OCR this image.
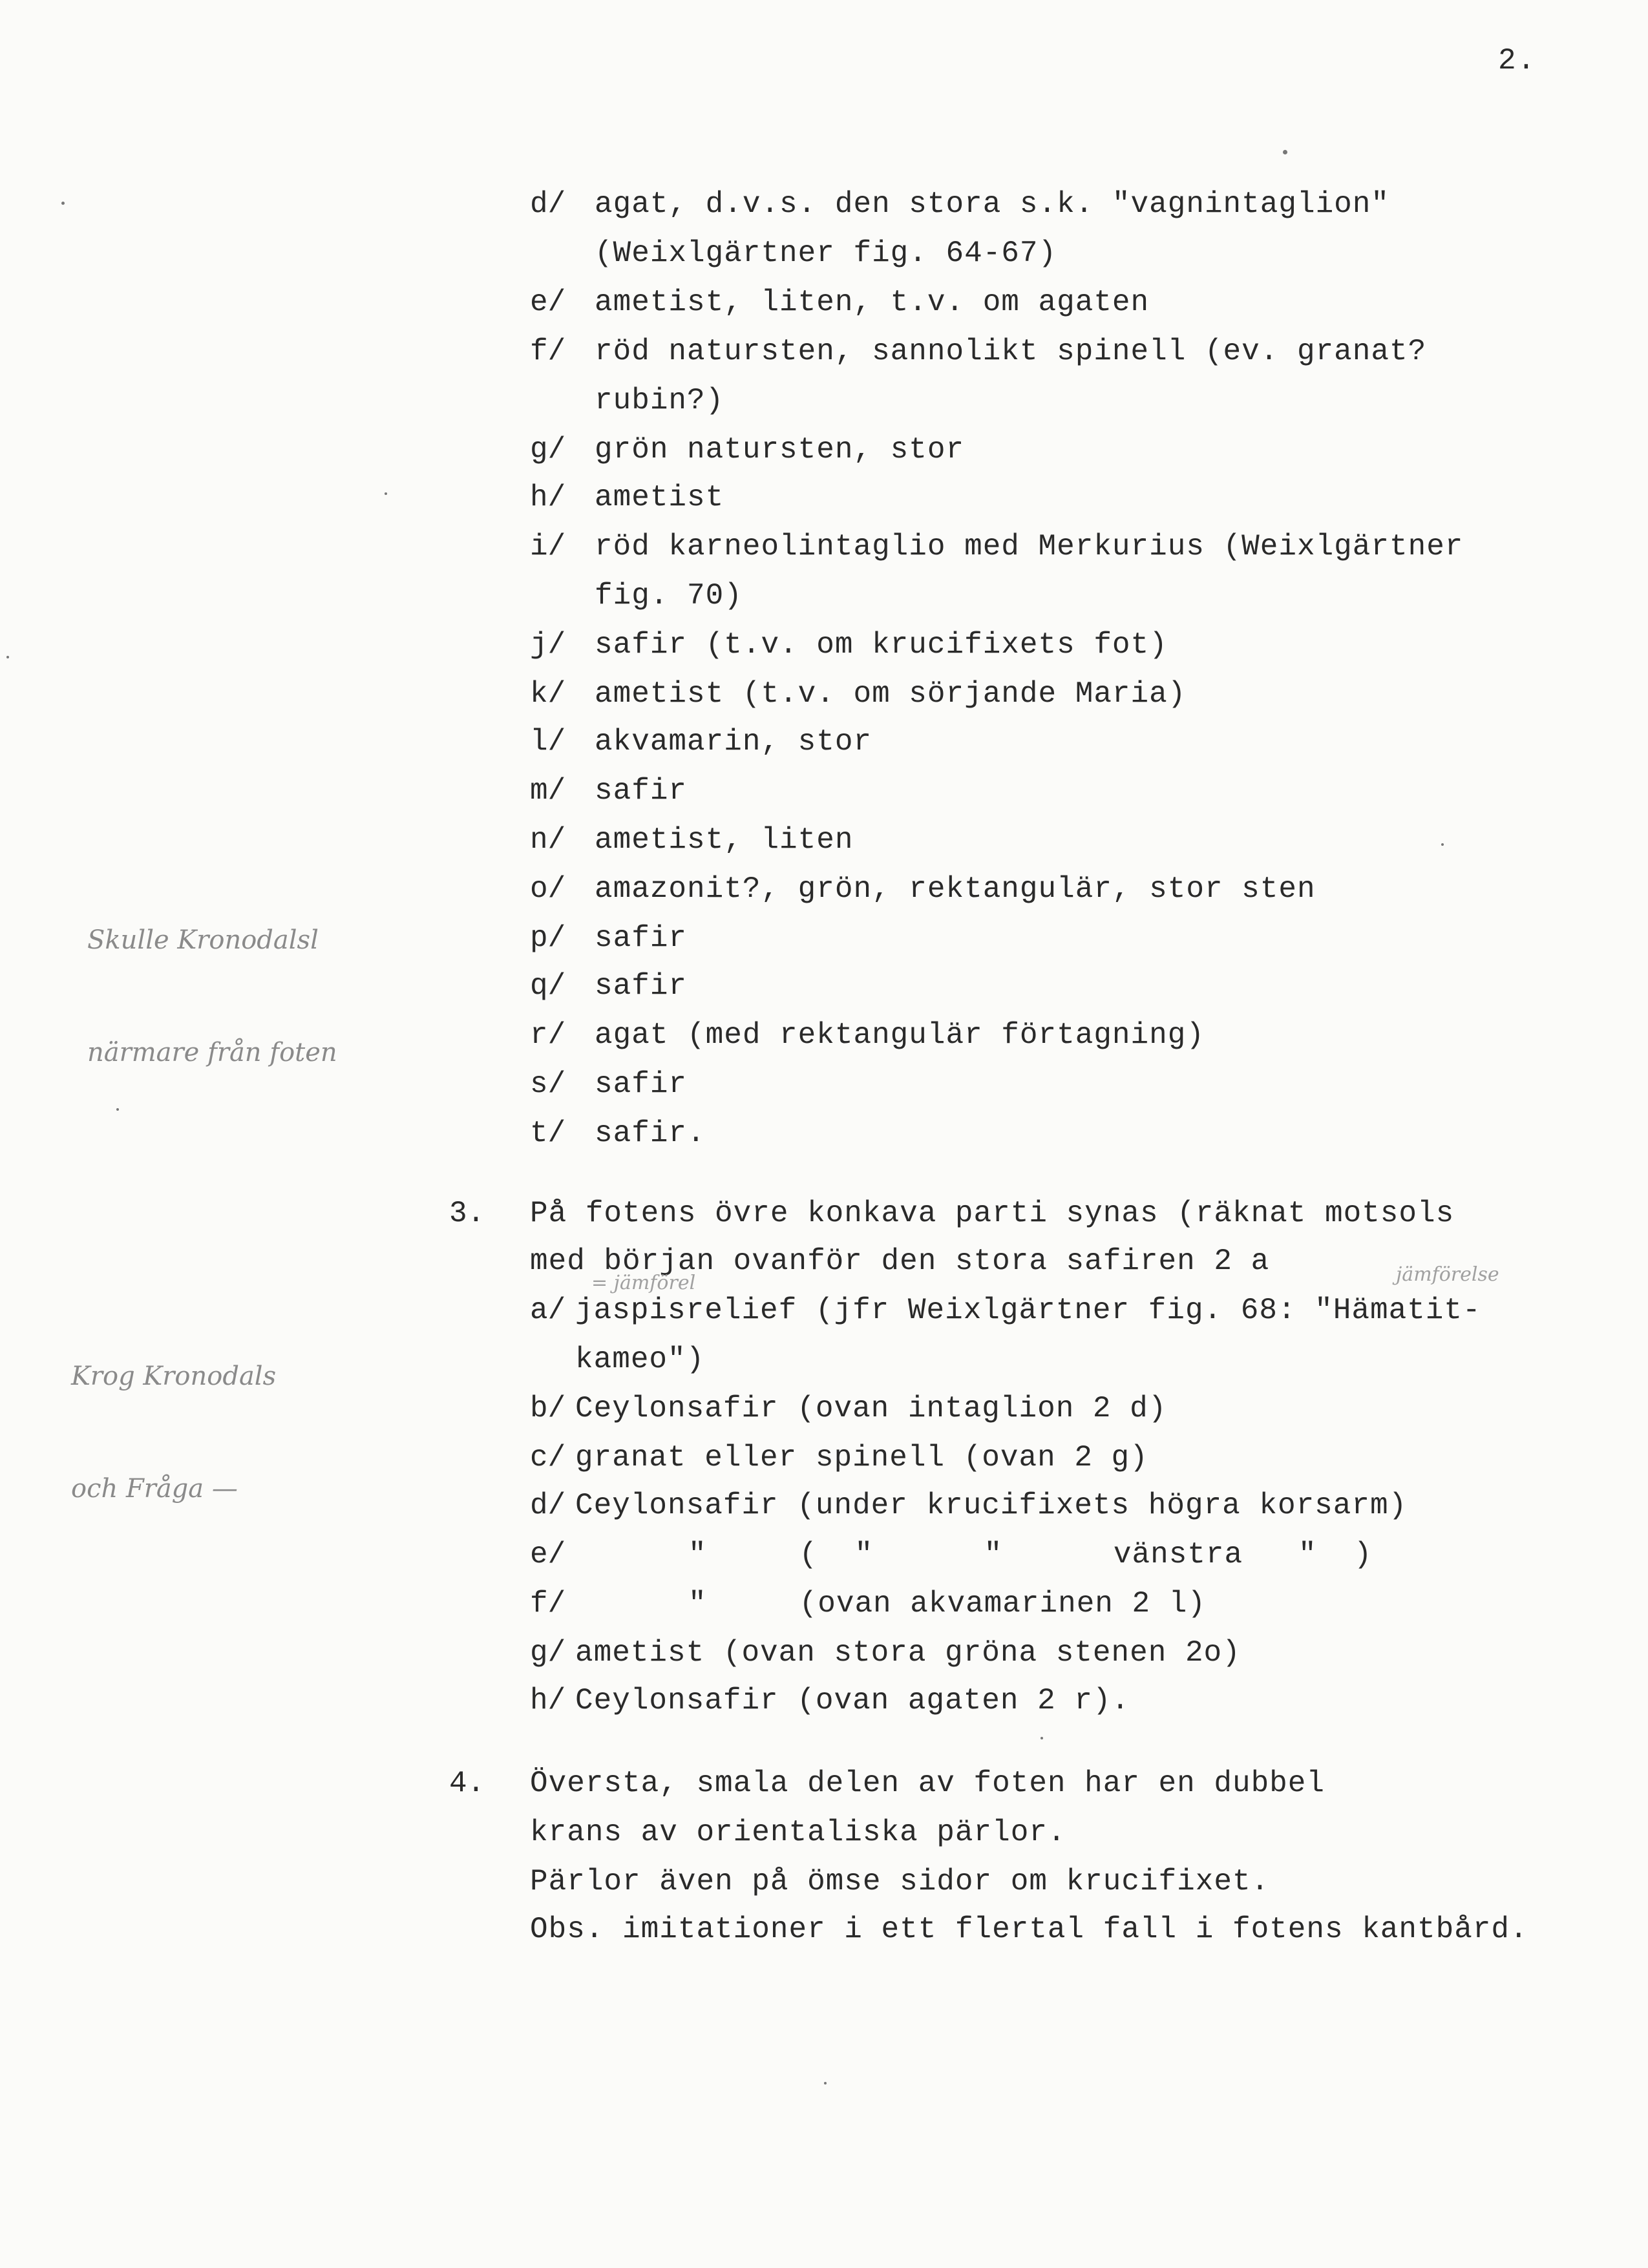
2.
d/ agat, d.v.s. den stora s.k. "vagnintaglion"
(Weixlgärtner fig. 64-67)
e/ ametist, liten, t.v. om agaten
f/ röd natursten, sannolikt spinell (ev. granat?
rubin?)
g/ grön natursten, stor
h/ ametist
i/ röd karneolintaglio med Merkurius (Weixlgärtner
fig. 70)
j/ safir (t.v. om krucifixets fot)
k/ ametist (t.v. om sörjande Maria)
l/ akvamarin, stor
m/ safir
n/ ametist, liten
o/ amazonit?, grön, rektangulär, stor sten
p/ safir
q/ safir
r/ agat (med rektangulär förtagning)
s/ safir
t/ safir.
3. På fotens övre konkava parti synas (räknat motsols
med början ovanför den stora safiren 2 a
a/ jaspisrelief (jfr Weixlgärtner fig. 68: "Hämatit-
kameo")
b/ Ceylonsafir (ovan intaglion 2 d)
c/ granat eller spinell (ovan 2 g)
d/ Ceylonsafir (under krucifixets högra korsarm)
e/	"     (  "      "      vänstra   "  )
f/	"     (ovan akvamarinen 2 l)
g/ ametist (ovan stora gröna stenen 2o)
h/ Ceylonsafir (ovan agaten 2 r).
4. Översta, smala delen av foten har en dubbel
krans av orientaliska pärlor.
Pärlor även på ömse sidor om krucifixet.
Obs. imitationer i ett flertal fall i fotens kantbård.

Skulle Kronodalsl

närmare från foten

Krog Kronodals

och Fråga —

= jämförel	jämförelse
